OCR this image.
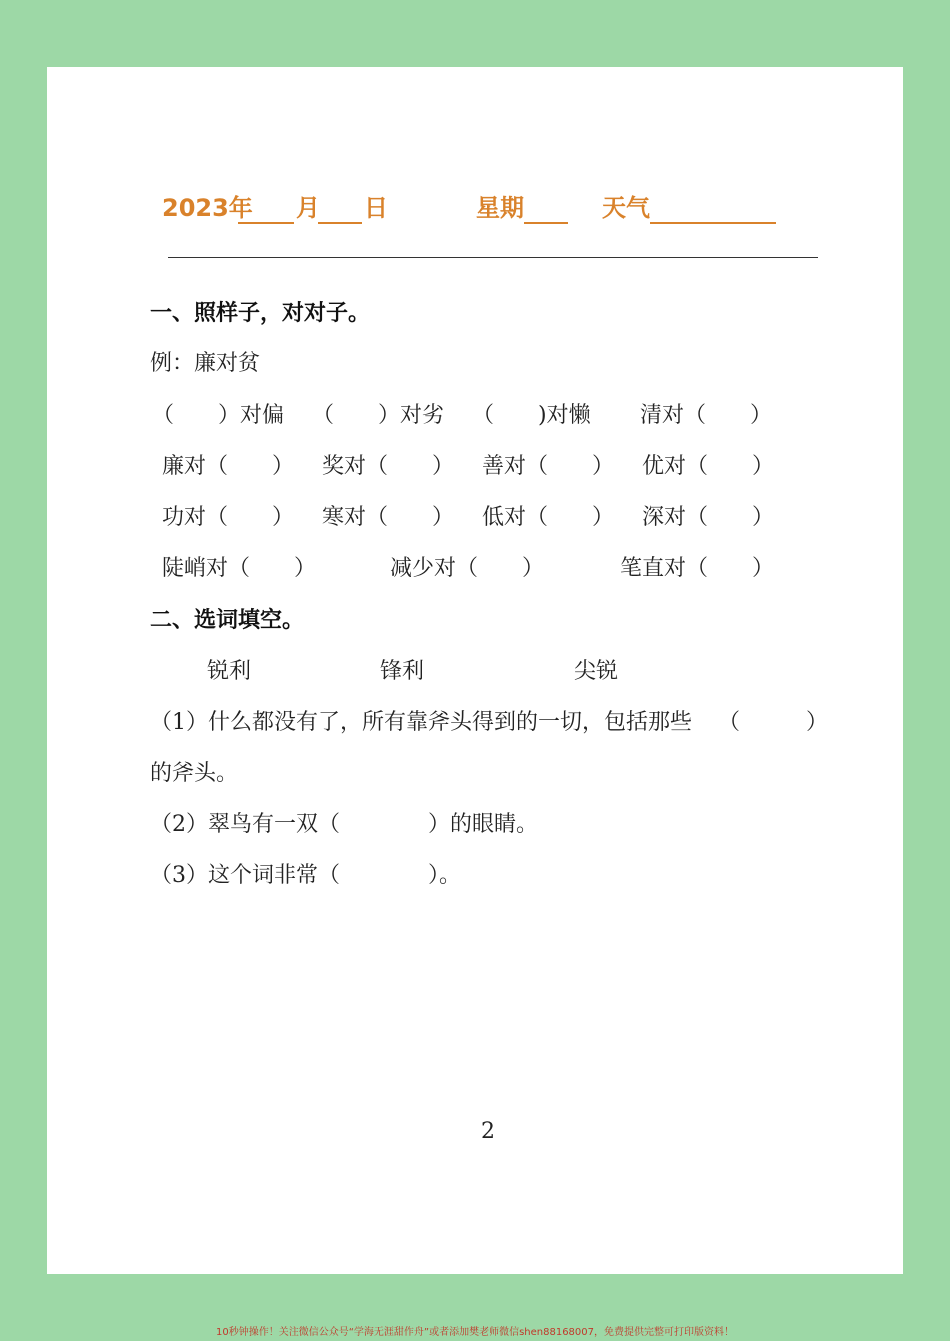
2023年 月 日	星期	天气
一、照样子，对对子。
例：廉对贫
（　　）对偏 （　　）对劣 （　　)对懒 清对（　　）
廉对（　　） 奖对（　　） 善对（　　） 优对（　　）
功对（　　） 寒对（　　） 低对（　　） 深对（　　）
陡峭对（　　）	减少对（　　）	笔直对（　　）
二、选词填空。
锐利	锋利	尖锐
（1）什么都没有了，所有靠斧头得到的一切，包括那些 （　　　）
的斧头。
（2）翠鸟有一双（　　　　）的眼睛。
（3）这个词非常（　　　　）。
2
10秒钟操作！关注微信公众号“学海无涯甜作舟”或者添加樊老师微信shen88168007，免费提供完整可打印版资料！
